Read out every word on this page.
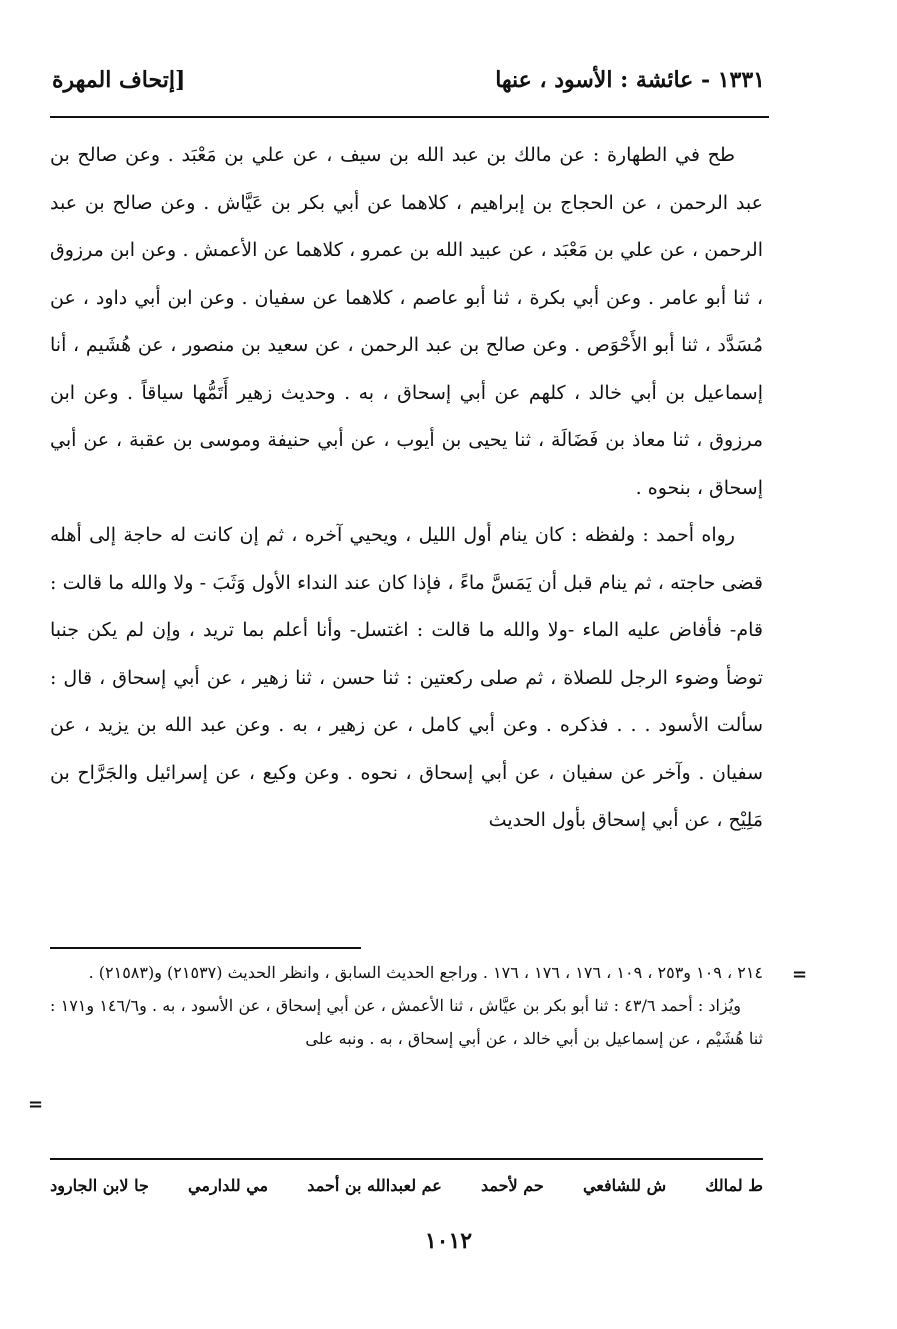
١٣٣١ - عائشة : الأسود ، عنها
[إتحاف المهرة

طح في الطهارة : عن مالك بن عبد الله بن سيف ، عن علي بن مَعْبَد . وعن صالح بن عبد الرحمن ، عن الحجاج بن إبراهيم ، كلاهما عن أبي بكر بن عَيَّاش . وعن صالح بن عبد الرحمن ، عن علي بن مَعْبَد ، عن عبيد الله بن عمرو ، كلاهما عن الأعمش . وعن ابن مرزوق ، ثنا أبو عامر . وعن أبي بكرة ، ثنا أبو عاصم ، كلاهما عن سفيان . وعن ابن أبي داود ، عن مُسَدَّد ، ثنا أبو الأَحْوَص . وعن صالح بن عبد الرحمن ، عن سعيد بن منصور ، عن هُشَيم ، أنا إسماعيل بن أبي خالد ، كلهم عن أبي إسحاق ، به . وحديث زهير أَتَمُّها سياقاً . وعن ابن مرزوق ، ثنا معاذ بن فَضَالَة ، ثنا يحيى بن أيوب ، عن أبي حنيفة وموسى بن عقبة ، عن أبي إسحاق ، بنحوه .

رواه أحمد : ولفظه : كان ينام أول الليل ، ويحيي آخره ، ثم إن كانت له حاجة إلى أهله قضى حاجته ، ثم ينام قبل أن يَمَسَّ ماءً ، فإذا كان عند النداء الأول وَثَبَ - ولا والله ما قالت : قام- فأفاض عليه الماء -ولا والله ما قالت : اغتسل- وأنا أعلم بما تريد ، وإن لم يكن جنبا توضأ وضوء الرجل للصلاة ، ثم صلى ركعتين : ثنا حسن ، ثنا زهير ، عن أبي إسحاق ، قال : سألت الأسود . . . فذكره . وعن أبي كامل ، عن زهير ، به . وعن عبد الله بن يزيد ، عن سفيان . وآخر عن سفيان ، عن أبي إسحاق ، نحوه . وعن وكيع ، عن إسرائيل والجَرَّاح بن مَلِيْح ، عن أبي إسحاق بأول الحديث

=

٢١٤ ، ١٠٩ و٢٥٣ ، ١٠٩ ، ١٧٦ ، ١٧٦ ، ١٧٦ . وراجع الحديث السابق ، وانظر الحديث (٢١٥٣٧) و(٢١٥٨٣) .

ويُزاد : أحمد ٤٣/٦ : ثنا أبو بكر بن عيَّاش ، ثنا الأعمش ، عن أبي إسحاق ، عن الأسود ، به . و١٤٦/٦ و١٧١ : ثنا هُشَيْم ، عن إسماعيل بن أبي خالد ، عن أبي إسحاق ، به . ونبه على

=
ط لمالك
ش للشافعي
حم لأحمد
عم لعبدالله بن أحمد
مي للدارمي
جا لابن الجارود
١٠١٢
